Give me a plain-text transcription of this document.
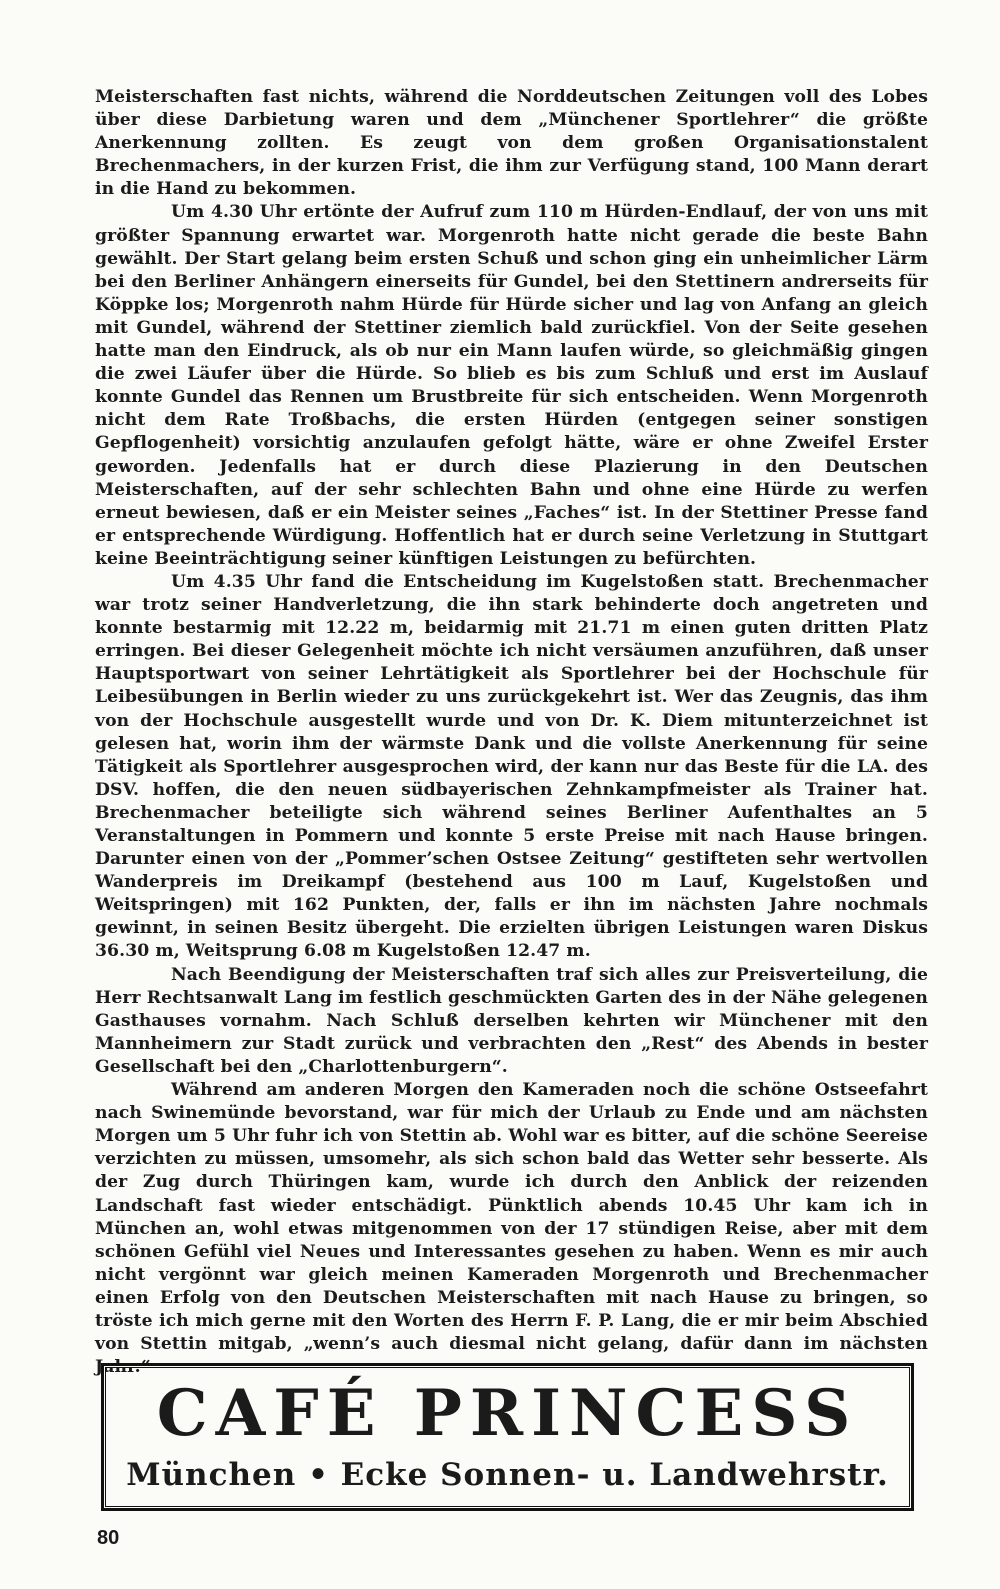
Meisterschaften fast nichts, während die Norddeutschen Zeitungen voll des Lobes über diese Darbietung waren und dem „Münchener Sportlehrer“ die größte Anerkennung zollten. Es zeugt von dem großen Organisationstalent Brechenmachers, in der kurzen Frist, die ihm zur Verfügung stand, 100 Mann derart in die Hand zu bekommen.

Um 4.30 Uhr ertönte der Aufruf zum 110 m Hürden-Endlauf, der von uns mit größter Spannung erwartet war. Morgenroth hatte nicht gerade die beste Bahn gewählt. Der Start gelang beim ersten Schuß und schon ging ein unheimlicher Lärm bei den Berliner Anhängern einerseits für Gundel, bei den Stettinern andrerseits für Köppke los; Morgenroth nahm Hürde für Hürde sicher und lag von Anfang an gleich mit Gundel, während der Stettiner ziemlich bald zurückfiel. Von der Seite gesehen hatte man den Eindruck, als ob nur ein Mann laufen würde, so gleichmäßig gingen die zwei Läufer über die Hürde. So blieb es bis zum Schluß und erst im Auslauf konnte Gundel das Rennen um Brustbreite für sich entscheiden. Wenn Morgenroth nicht dem Rate Troßbachs, die ersten Hürden (entgegen seiner sonstigen Gepflogenheit) vorsichtig anzulaufen gefolgt hätte, wäre er ohne Zweifel Erster geworden. Jedenfalls hat er durch diese Plazierung in den Deutschen Meisterschaften, auf der sehr schlechten Bahn und ohne eine Hürde zu werfen erneut bewiesen, daß er ein Meister seines „Faches“ ist. In der Stettiner Presse fand er entsprechende Würdigung. Hoffentlich hat er durch seine Verletzung in Stuttgart keine Beeinträchtigung seiner künftigen Leistungen zu befürchten.

Um 4.35 Uhr fand die Entscheidung im Kugelstoßen statt. Brechenmacher war trotz seiner Handverletzung, die ihn stark behinderte doch angetreten und konnte bestarmig mit 12.22 m, beidarmig mit 21.71 m einen guten dritten Platz erringen. Bei dieser Gelegenheit möchte ich nicht versäumen anzuführen, daß unser Hauptsportwart von seiner Lehrtätigkeit als Sportlehrer bei der Hochschule für Leibesübungen in Berlin wieder zu uns zurückgekehrt ist. Wer das Zeugnis, das ihm von der Hochschule ausgestellt wurde und von Dr. K. Diem mitunterzeichnet ist gelesen hat, worin ihm der wärmste Dank und die vollste Anerkennung für seine Tätigkeit als Sportlehrer ausgesprochen wird, der kann nur das Beste für die LA. des DSV. hoffen, die den neuen südbayerischen Zehnkampfmeister als Trainer hat. Brechenmacher beteiligte sich während seines Berliner Aufenthaltes an 5 Veranstaltungen in Pommern und konnte 5 erste Preise mit nach Hause bringen. Darunter einen von der „Pommer’schen Ostsee Zeitung“ gestifteten sehr wertvollen Wanderpreis im Dreikampf (bestehend aus 100 m Lauf, Kugelstoßen und Weitspringen) mit 162 Punkten, der, falls er ihn im nächsten Jahre nochmals gewinnt, in seinen Besitz übergeht. Die erzielten übrigen Leistungen waren Diskus 36.30 m, Weitsprung 6.08 m Kugelstoßen 12.47 m.

Nach Beendigung der Meisterschaften traf sich alles zur Preisverteilung, die Herr Rechtsanwalt Lang im festlich geschmückten Garten des in der Nähe gelegenen Gasthauses vornahm. Nach Schluß derselben kehrten wir Münchener mit den Mannheimern zur Stadt zurück und verbrachten den „Rest“ des Abends in bester Gesellschaft bei den „Charlottenburgern“.

Während am anderen Morgen den Kameraden noch die schöne Ostseefahrt nach Swinemünde bevorstand, war für mich der Urlaub zu Ende und am nächsten Morgen um 5 Uhr fuhr ich von Stettin ab. Wohl war es bitter, auf die schöne Seereise verzichten zu müssen, umsomehr, als sich schon bald das Wetter sehr besserte. Als der Zug durch Thüringen kam, wurde ich durch den Anblick der reizenden Landschaft fast wieder entschädigt. Pünktlich abends 10.45 Uhr kam ich in München an, wohl etwas mitgenommen von der 17 stündigen Reise, aber mit dem schönen Gefühl viel Neues und Interessantes gesehen zu haben. Wenn es mir auch nicht vergönnt war gleich meinen Kameraden Morgenroth und Brechenmacher einen Erfolg von den Deutschen Meisterschaften mit nach Hause zu bringen, so tröste ich mich gerne mit den Worten des Herrn F. P. Lang, die er mir beim Abschied von Stettin mitgab, „wenn’s auch diesmal nicht gelang, dafür dann im nächsten Jahr.“

CAFÉ PRINCESS
München • Ecke Sonnen- u. Landwehrstr.
80
